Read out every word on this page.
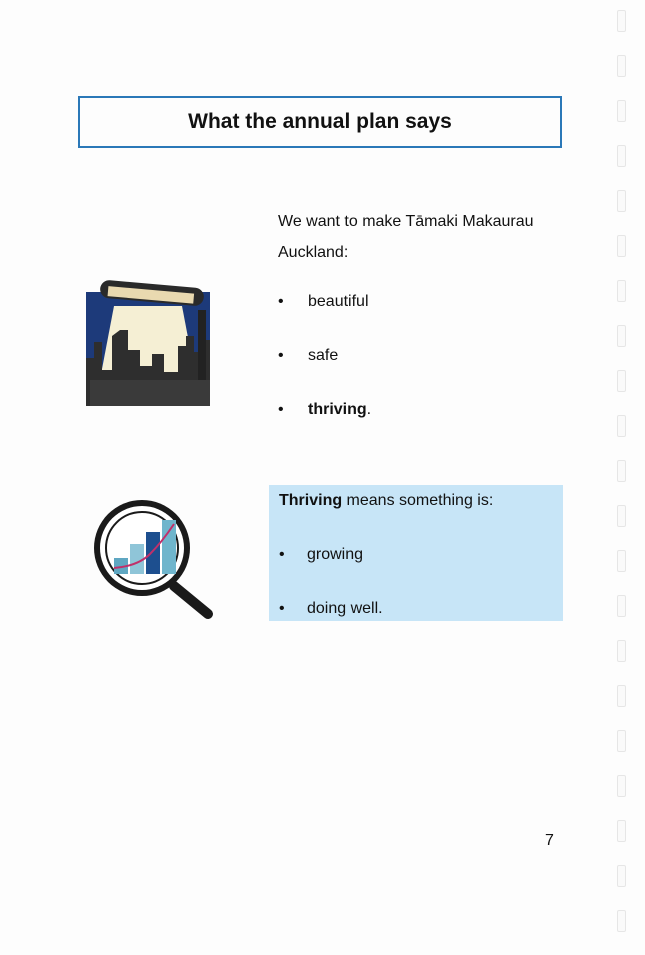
What the annual plan says

We want to make Tāmaki Makaurau Auckland:

• beautiful
• safe
• thriving.

Thriving means something is:

• growing
• doing well.
7
